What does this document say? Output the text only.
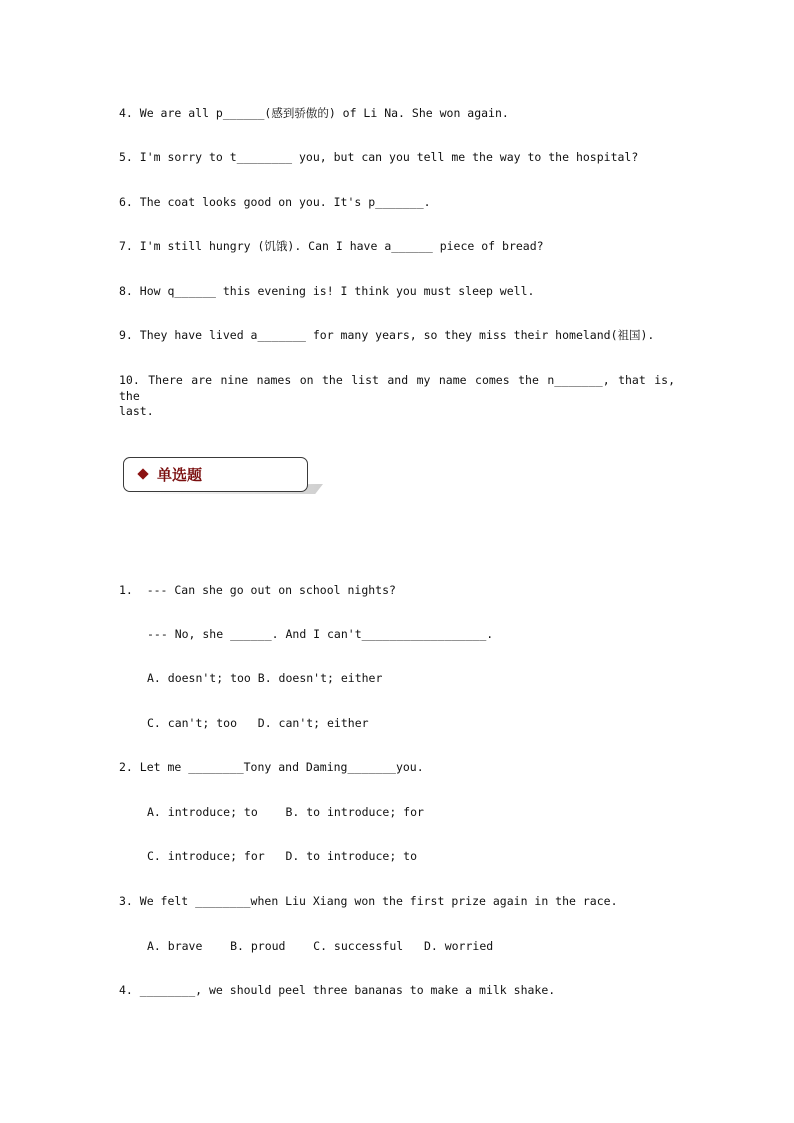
4. We are all p______(感到骄傲的) of Li Na. She won again.
5. I'm sorry to t________ you, but can you tell me the way to the hospital?
6. The coat looks good on you. It's p_______.
7. I'm still hungry (饥饿). Can I have a______ piece of bread?
8. How q______ this evening is! I think you must sleep well.
9. They have lived a_______ for many years, so they miss their homeland(祖国).
10. There are nine names on the list and my name comes the n_______, that is, the
last.
单选题
1.  --- Can she go out on school nights?
--- No, she ______. And I can't__________________.
A. doesn't; too B. doesn't; either
C. can't; too   D. can't; either
2. Let me ________Tony and Daming_______you.
A. introduce; to    B. to introduce; for
C. introduce; for   D. to introduce; to
3. We felt ________when Liu Xiang won the first prize again in the race.
A. brave    B. proud    C. successful   D. worried
4. ________, we should peel three bananas to make a milk shake.
